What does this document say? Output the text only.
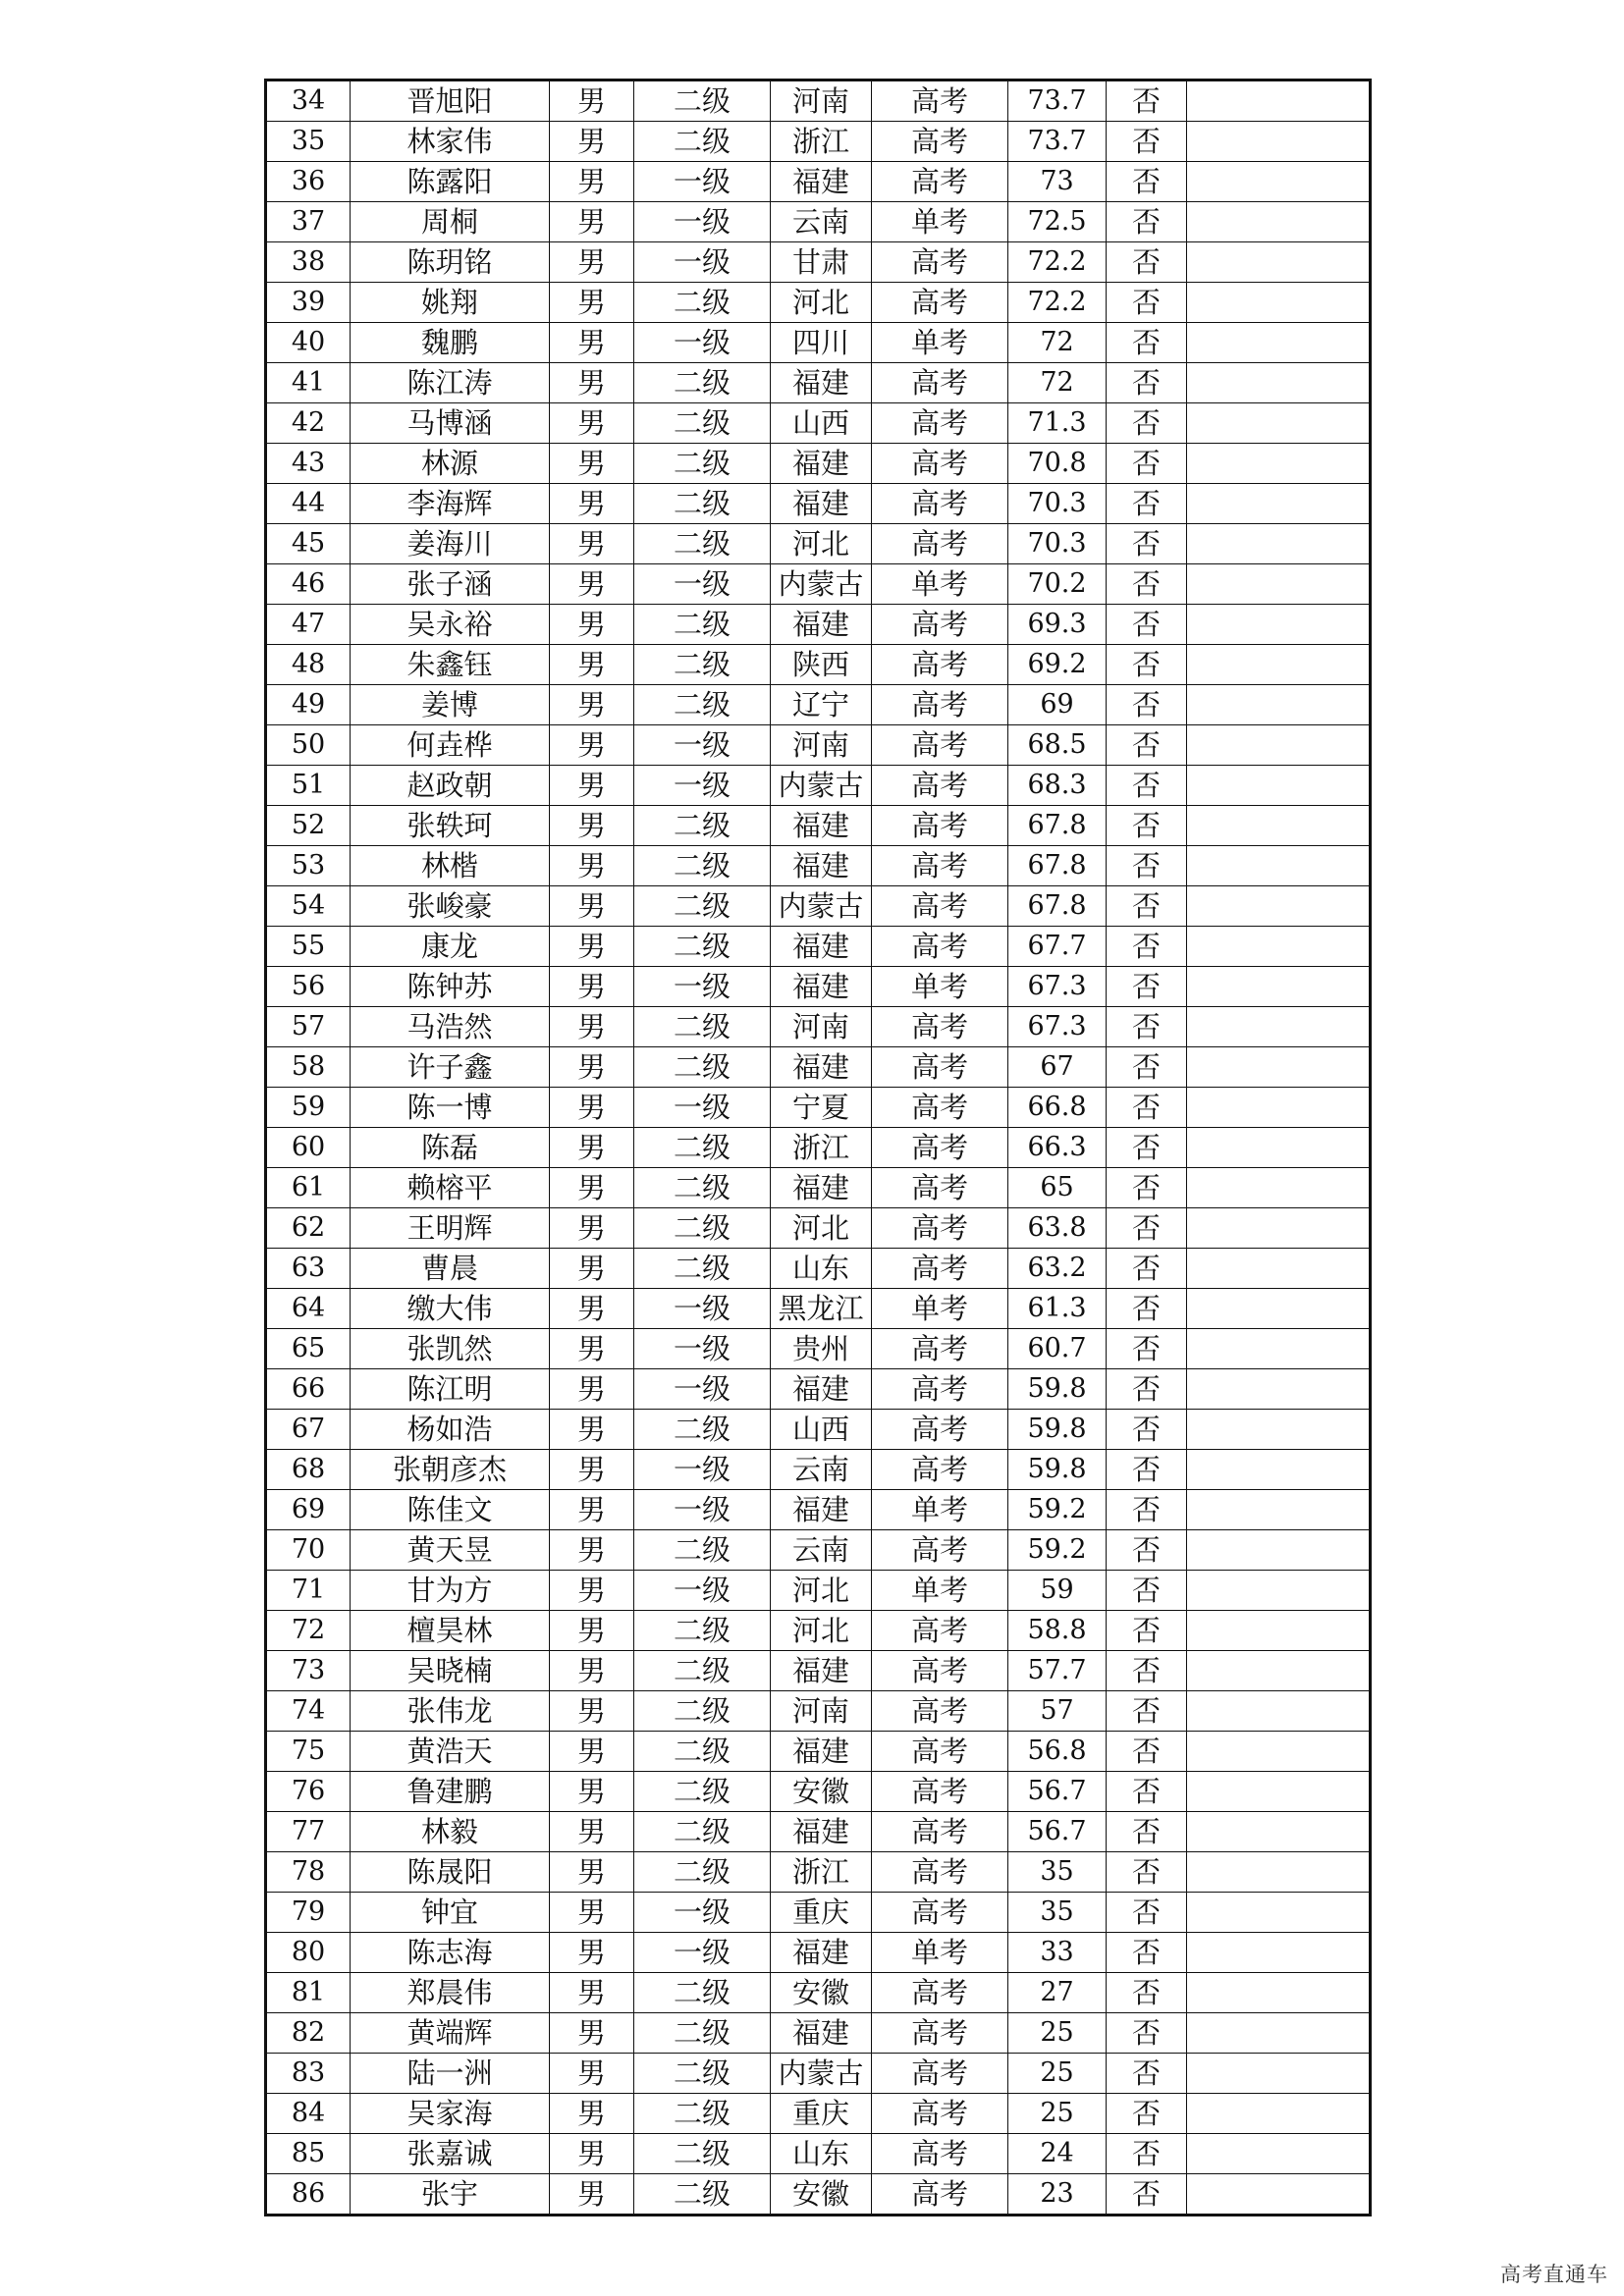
34	晋旭阳	男	二级	河南	高考	73.7	否	
35	林家伟	男	二级	浙江	高考	73.7	否	
36	陈露阳	男	一级	福建	高考	73	否	
37	周桐	男	一级	云南	单考	72.5	否	
38	陈玥铭	男	一级	甘肃	高考	72.2	否	
39	姚翔	男	二级	河北	高考	72.2	否	
40	魏鹏	男	一级	四川	单考	72	否	
41	陈江涛	男	二级	福建	高考	72	否	
42	马博涵	男	二级	山西	高考	71.3	否	
43	林源	男	二级	福建	高考	70.8	否	
44	李海辉	男	二级	福建	高考	70.3	否	
45	姜海川	男	二级	河北	高考	70.3	否	
46	张子涵	男	一级	内蒙古	单考	70.2	否	
47	吴永裕	男	二级	福建	高考	69.3	否	
48	朱鑫钰	男	二级	陕西	高考	69.2	否	
49	姜博	男	二级	辽宁	高考	69	否	
50	何垚桦	男	一级	河南	高考	68.5	否	
51	赵政朝	男	一级	内蒙古	高考	68.3	否	
52	张轶珂	男	二级	福建	高考	67.8	否	
53	林楷	男	二级	福建	高考	67.8	否	
54	张峻豪	男	二级	内蒙古	高考	67.8	否	
55	康龙	男	二级	福建	高考	67.7	否	
56	陈钟苏	男	一级	福建	单考	67.3	否	
57	马浩然	男	二级	河南	高考	67.3	否	
58	许子鑫	男	二级	福建	高考	67	否	
59	陈一博	男	一级	宁夏	高考	66.8	否	
60	陈磊	男	二级	浙江	高考	66.3	否	
61	赖榕平	男	二级	福建	高考	65	否	
62	王明辉	男	二级	河北	高考	63.8	否	
63	曹晨	男	二级	山东	高考	63.2	否	
64	缴大伟	男	一级	黑龙江	单考	61.3	否	
65	张凯然	男	一级	贵州	高考	60.7	否	
66	陈江明	男	一级	福建	高考	59.8	否	
67	杨如浩	男	二级	山西	高考	59.8	否	
68	张朝彦杰	男	一级	云南	高考	59.8	否	
69	陈佳文	男	一级	福建	单考	59.2	否	
70	黄天昱	男	二级	云南	高考	59.2	否	
71	甘为方	男	一级	河北	单考	59	否	
72	檀昊林	男	二级	河北	高考	58.8	否	
73	吴晓楠	男	二级	福建	高考	57.7	否	
74	张伟龙	男	二级	河南	高考	57	否	
75	黄浩天	男	二级	福建	高考	56.8	否	
76	鲁建鹏	男	二级	安徽	高考	56.7	否	
77	林毅	男	二级	福建	高考	56.7	否	
78	陈晟阳	男	二级	浙江	高考	35	否	
79	钟宜	男	一级	重庆	高考	35	否	
80	陈志海	男	一级	福建	单考	33	否	
81	郑晨伟	男	二级	安徽	高考	27	否	
82	黄端辉	男	二级	福建	高考	25	否	
83	陆一洲	男	二级	内蒙古	高考	25	否	
84	吴家海	男	二级	重庆	高考	25	否	
85	张嘉诚	男	二级	山东	高考	24	否	
86	张宇	男	二级	安徽	高考	23	否	
高考直通车
